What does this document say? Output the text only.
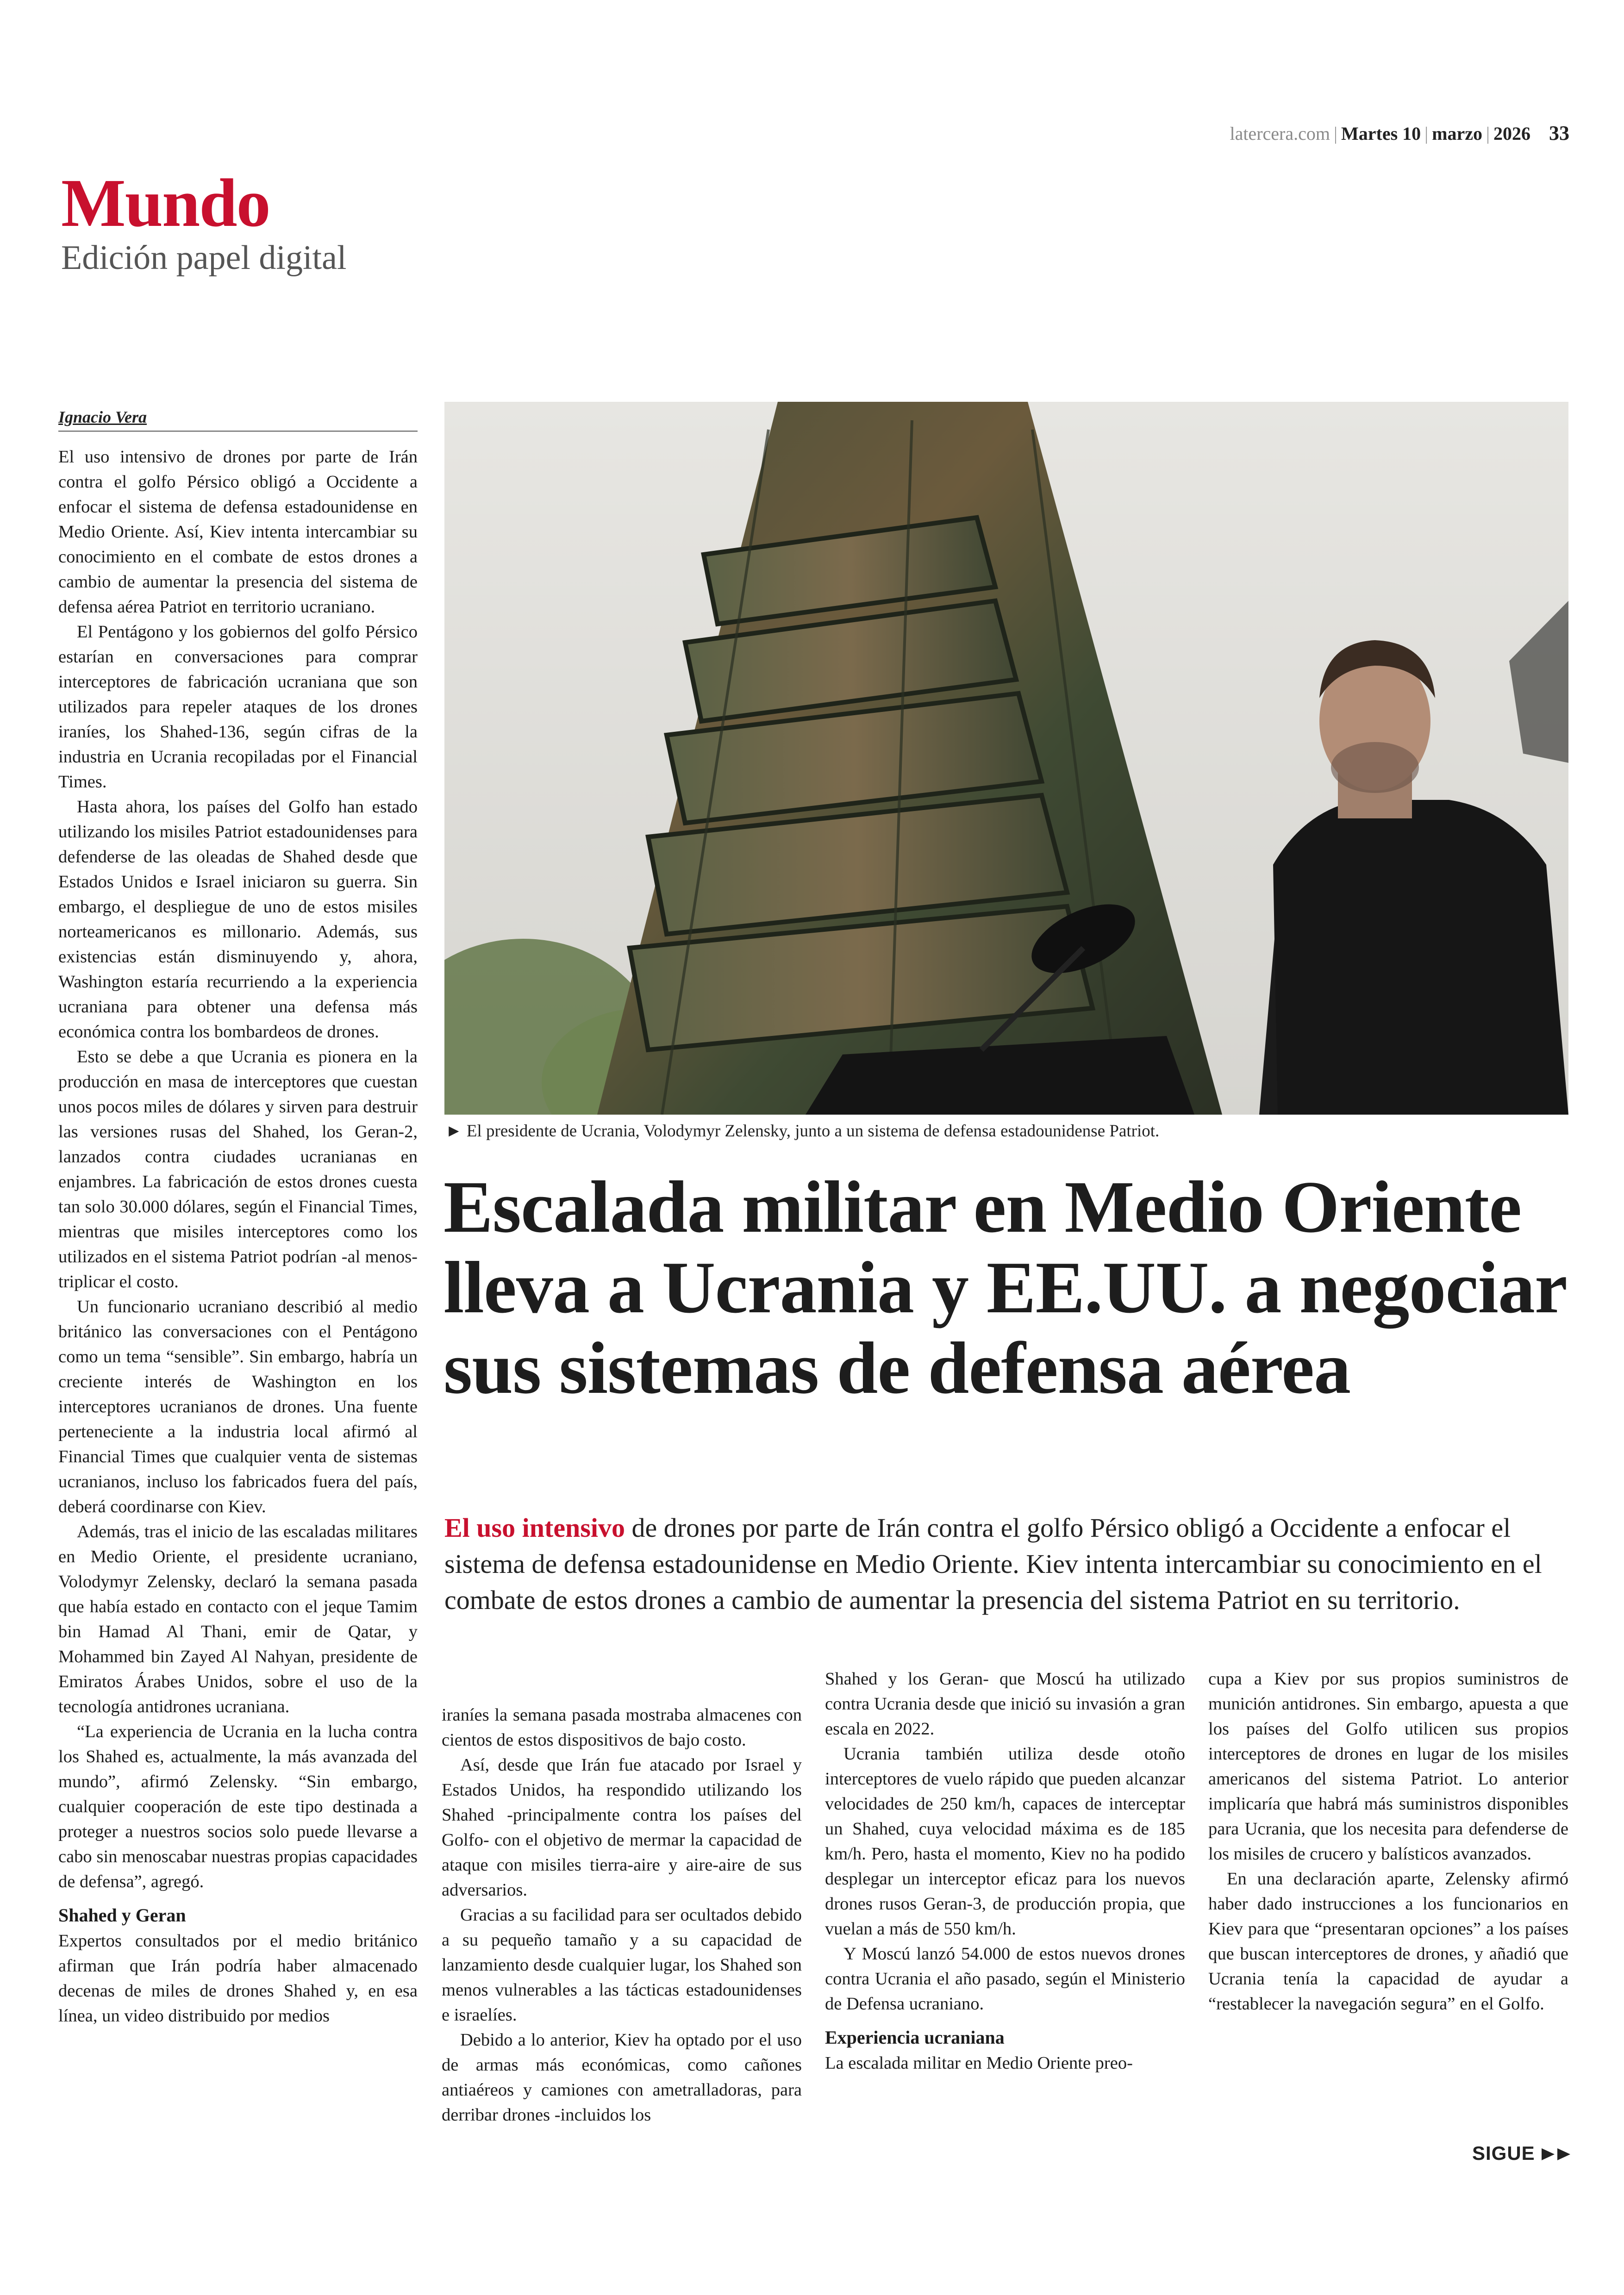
latercera.com | Martes 10 | marzo | 2026 33
Mundo
Edición papel digital
Ignacio Vera

El uso intensivo de drones por parte de Irán contra el golfo Pérsico obligó a Occidente a enfocar el sistema de defensa estadounidense en Medio Oriente. Así, Kiev intenta intercambiar su conocimiento en el combate de estos drones a cambio de aumentar la presencia del sistema de defensa aérea Patriot en territorio ucraniano.

El Pentágono y los gobiernos del golfo Pérsico estarían en conversaciones para comprar interceptores de fabricación ucraniana que son utilizados para repeler ataques de los drones iraníes, los Shahed-136, según cifras de la industria en Ucrania recopiladas por el Financial Times.

Hasta ahora, los países del Golfo han estado utilizando los misiles Patriot estadounidenses para defenderse de las oleadas de Shahed desde que Estados Unidos e Israel iniciaron su guerra. Sin embargo, el despliegue de uno de estos misiles norteamericanos es millonario. Además, sus existencias están disminuyendo y, ahora, Washington estaría recurriendo a la experiencia ucraniana para obtener una defensa más económica contra los bombardeos de drones.

Esto se debe a que Ucrania es pionera en la producción en masa de interceptores que cuestan unos pocos miles de dólares y sirven para destruir las versiones rusas del Shahed, los Geran-2, lanzados contra ciudades ucranianas en enjambres. La fabricación de estos drones cuesta tan solo 30.000 dólares, según el Financial Times, mientras que misiles interceptores como los utilizados en el sistema Patriot podrían -al menos- triplicar el costo.

Un funcionario ucraniano describió al medio británico las conversaciones con el Pentágono como un tema “sensible”. Sin embargo, habría un creciente interés de Washington en los interceptores ucranianos de drones. Una fuente perteneciente a la industria local afirmó al Financial Times que cualquier venta de sistemas ucranianos, incluso los fabricados fuera del país, deberá coordinarse con Kiev.

Además, tras el inicio de las escaladas militares en Medio Oriente, el presidente ucraniano, Volodymyr Zelensky, declaró la semana pasada que había estado en contacto con el jeque Tamim bin Hamad Al Thani, emir de Qatar, y Mohammed bin Zayed Al Nahyan, presidente de Emiratos Árabes Unidos, sobre el uso de la tecnología antidrones ucraniana.

“La experiencia de Ucrania en la lucha contra los Shahed es, actualmente, la más avanzada del mundo”, afirmó Zelensky. “Sin embargo, cualquier cooperación de este tipo destinada a proteger a nuestros socios solo puede llevarse a cabo sin menoscabar nuestras propias capacidades de defensa”, agregó.

Shahed y Geran

Expertos consultados por el medio británico afirman que Irán podría haber almacenado decenas de miles de drones Shahed y, en esa línea, un video distribuido por medios

► El presidente de Ucrania, Volodymyr Zelensky, junto a un sistema de defensa estadounidense Patriot.
Escalada militar en Medio Oriente lleva a Ucrania y EE.UU. a negociar sus sistemas de defensa aérea
El uso intensivo de drones por parte de Irán contra el golfo Pérsico obligó a Occidente a enfocar el sistema de defensa estadounidense en Medio Oriente. Kiev intenta intercambiar su conocimiento en el combate de estos drones a cambio de aumentar la presencia del sistema Patriot en su territorio.

iraníes la semana pasada mostraba almacenes con cientos de estos dispositivos de bajo costo.

Así, desde que Irán fue atacado por Israel y Estados Unidos, ha respondido utilizando los Shahed -principalmente contra los países del Golfo- con el objetivo de mermar la capacidad de ataque con misiles tierra-aire y aire-aire de sus adversarios.

Gracias a su facilidad para ser ocultados debido a su pequeño tamaño y a su capacidad de lanzamiento desde cualquier lugar, los Shahed son menos vulnerables a las tácticas estadounidenses e israelíes.

Debido a lo anterior, Kiev ha optado por el uso de armas más económicas, como cañones antiaéreos y camiones con ametralladoras, para derribar drones -incluidos los

Shahed y los Geran- que Moscú ha utilizado contra Ucrania desde que inició su invasión a gran escala en 2022.

Ucrania también utiliza desde otoño interceptores de vuelo rápido que pueden alcanzar velocidades de 250 km/h, capaces de interceptar un Shahed, cuya velocidad máxima es de 185 km/h. Pero, hasta el momento, Kiev no ha podido desplegar un interceptor eficaz para los nuevos drones rusos Geran-3, de producción propia, que vuelan a más de 550 km/h.

Y Moscú lanzó 54.000 de estos nuevos drones contra Ucrania el año pasado, según el Ministerio de Defensa ucraniano.

Experiencia ucraniana

La escalada militar en Medio Oriente preo-

cupa a Kiev por sus propios suministros de munición antidrones. Sin embargo, apuesta a que los países del Golfo utilicen sus propios interceptores de drones en lugar de los misiles americanos del sistema Patriot. Lo anterior implicaría que habrá más suministros disponibles para Ucrania, que los necesita para defenderse de los misiles de crucero y balísticos avanzados.

En una declaración aparte, Zelensky afirmó haber dado instrucciones a los funcionarios en Kiev para que “presentaran opciones” a los países que buscan interceptores de drones, y añadió que Ucrania tenía la capacidad de ayudar a “restablecer la navegación segura” en el Golfo.

SIGUE
